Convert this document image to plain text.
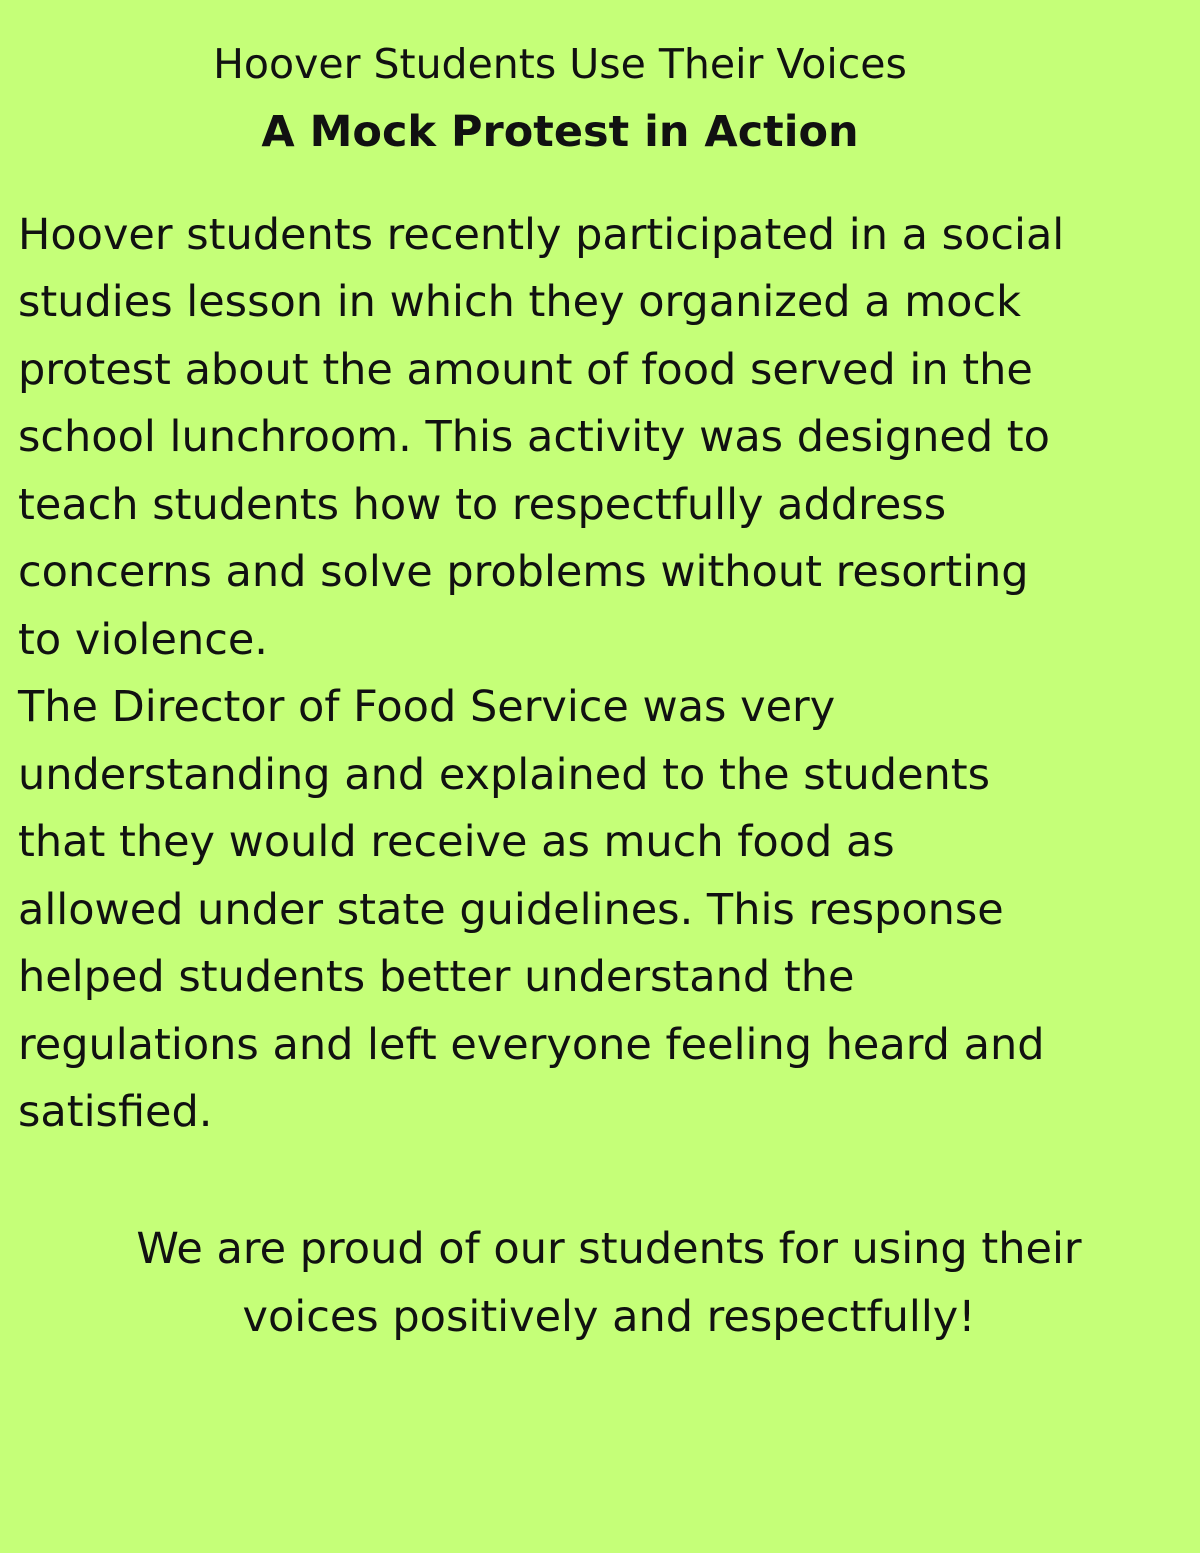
Hoover Students Use Their Voices
A Mock Protest in Action
Hoover students recently participated in a social
studies lesson in which they organized a mock
protest about the amount of food served in the
school lunchroom. This activity was designed to
teach students how to respectfully address
concerns and solve problems without resorting
to violence.
The Director of Food Service was very
understanding and explained to the students
that they would receive as much food as
allowed under state guidelines. This response
helped students better understand the
regulations and left everyone feeling heard and
satisfied.
We are proud of our students for using their
voices positively and respectfully!
